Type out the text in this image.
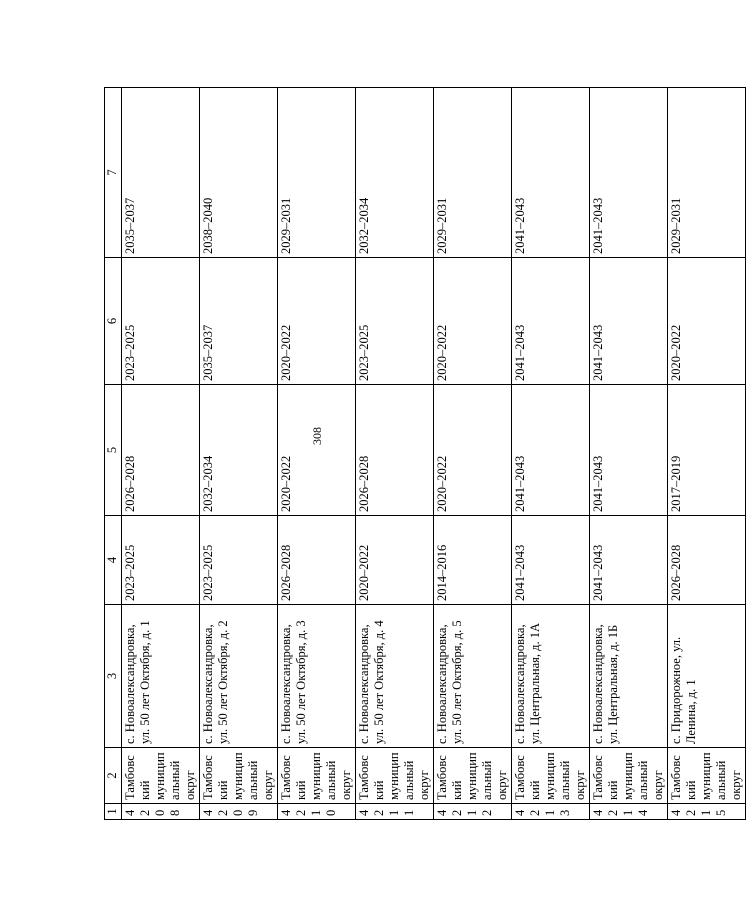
308
1	2	3	4	5	6	7
4208	Тамбовский муниципальный округ	с. Новоалександровка, ул. 50 лет Октября, д. 1	2023–2025	2026–2028	2023–2025	2035–2037
4209	Тамбовский муниципальный округ	с. Новоалександровка, ул. 50 лет Октября, д. 2	2023–2025	2032–2034	2035–2037	2038–2040
4210	Тамбовский муниципальный округ	с. Новоалександровка, ул. 50 лет Октября, д. 3	2026–2028	2020–2022	2020–2022	2029–2031
4211	Тамбовский муниципальный округ	с. Новоалександровка, ул. 50 лет Октября, д. 4	2020–2022	2026–2028	2023–2025	2032–2034
4212	Тамбовский муниципальный округ	с. Новоалександровка, ул. 50 лет Октября, д. 5	2014–2016	2020–2022	2020–2022	2029–2031
4213	Тамбовский муниципальный округ	с. Новоалександровка, ул. Центральная, д. 1А	2041–2043	2041–2043	2041–2043	2041–2043
4214	Тамбовский муниципальный округ	с. Новоалександровка, ул. Центральная, д. 1Б	2041–2043	2041–2043	2041–2043	2041–2043
4215	Тамбовский муниципальный округ	с. Придорожное, ул. Ленина, д. 1	2026–2028	2017–2019	2020–2022	2029–2031
